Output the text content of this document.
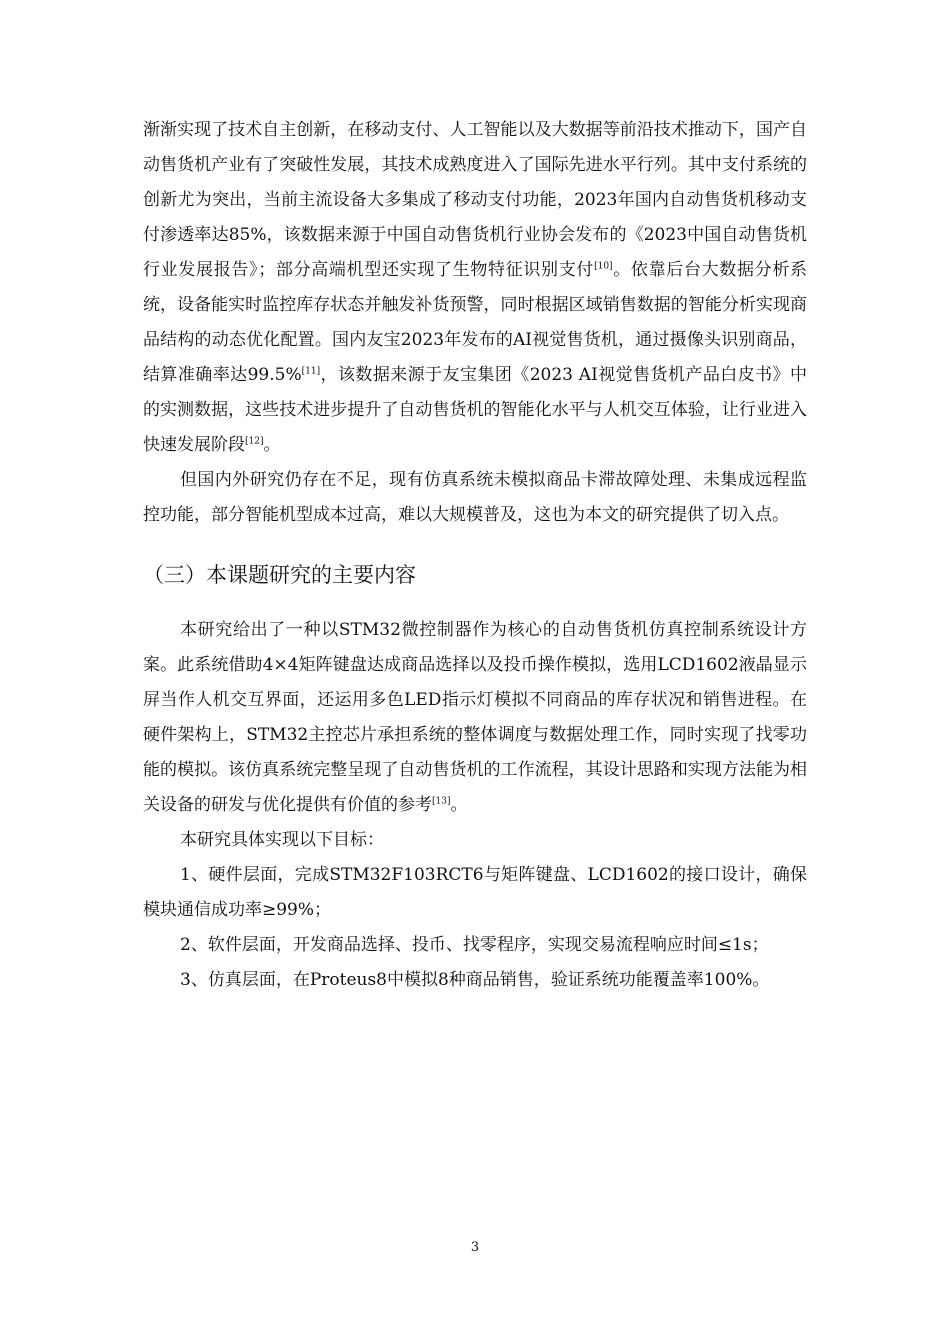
渐渐实现了技术自主创新，在移动支付、人工智能以及大数据等前沿技术推动下，国产自动售货机产业有了突破性发展，其技术成熟度进入了国际先进水平行列。其中支付系统的创新尤为突出，当前主流设备大多集成了移动支付功能，2023年国内自动售货机移动支付渗透率达85%，该数据来源于中国自动售货机行业协会发布的《2023中国自动售货机行业发展报告》；部分高端机型还实现了生物特征识别支付[10]。依靠后台大数据分析系统，设备能实时监控库存状态并触发补货预警，同时根据区域销售数据的智能分析实现商品结构的动态优化配置。国内友宝2023年发布的AI视觉售货机，通过摄像头识别商品，结算准确率达99.5%[11]，该数据来源于友宝集团《2023 AI视觉售货机产品白皮书》中的实测数据，这些技术进步提升了自动售货机的智能化水平与人机交互体验，让行业进入快速发展阶段[12]。

但国内外研究仍存在不足，现有仿真系统未模拟商品卡滞故障处理、未集成远程监控功能，部分智能机型成本过高，难以大规模普及，这也为本文的研究提供了切入点。

（三）本课题研究的主要内容

本研究给出了一种以STM32微控制器作为核心的自动售货机仿真控制系统设计方案。此系统借助4×4矩阵键盘达成商品选择以及投币操作模拟，选用LCD1602液晶显示屏当作人机交互界面，还运用多色LED指示灯模拟不同商品的库存状况和销售进程。在硬件架构上，STM32主控芯片承担系统的整体调度与数据处理工作，同时实现了找零功能的模拟。该仿真系统完整呈现了自动售货机的工作流程，其设计思路和实现方法能为相关设备的研发与优化提供有价值的参考[13]。

本研究具体实现以下目标：

1、硬件层面，完成STM32F103RCT6与矩阵键盘、LCD1602的接口设计，确保模块通信成功率≥99%；

2、软件层面，开发商品选择、投币、找零程序，实现交易流程响应时间≤1s；

3、仿真层面，在Proteus8中模拟8种商品销售，验证系统功能覆盖率100%。

3
